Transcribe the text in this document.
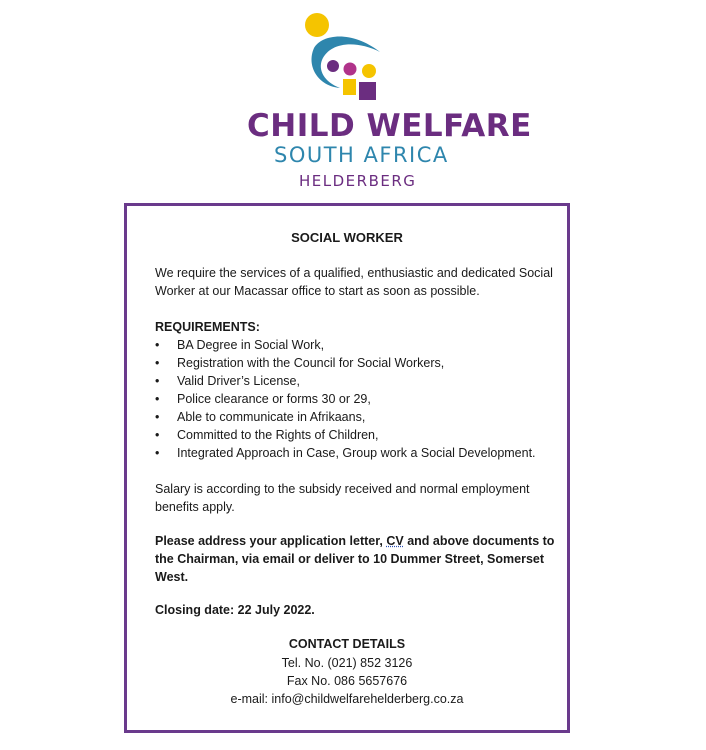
CHILD WELFARE
SOUTH AFRICA
HELDERBERG
SOCIAL WORKER
We require the services of a qualified, enthusiastic and dedicated Social Worker at our Macassar office to start as soon as possible.
REQUIREMENTS:
• BA Degree in Social Work,
• Registration with the Council for Social Workers,
• Valid Driver’s License,
• Police clearance or forms 30 or 29,
• Able to communicate in Afrikaans,
• Committed to the Rights of Children,
• Integrated Approach in Case, Group work a Social Development.
Salary is according to the subsidy received and normal employment benefits apply.
Please address your application letter, CV and above documents to the Chairman, via email or deliver to 10 Dummer Street, Somerset West.
Closing date: 22 July 2022.
CONTACT DETAILS
Tel. No. (021) 852 3126
Fax No. 086 5657676
e-mail: info@childwelfarehelderberg.co.za
